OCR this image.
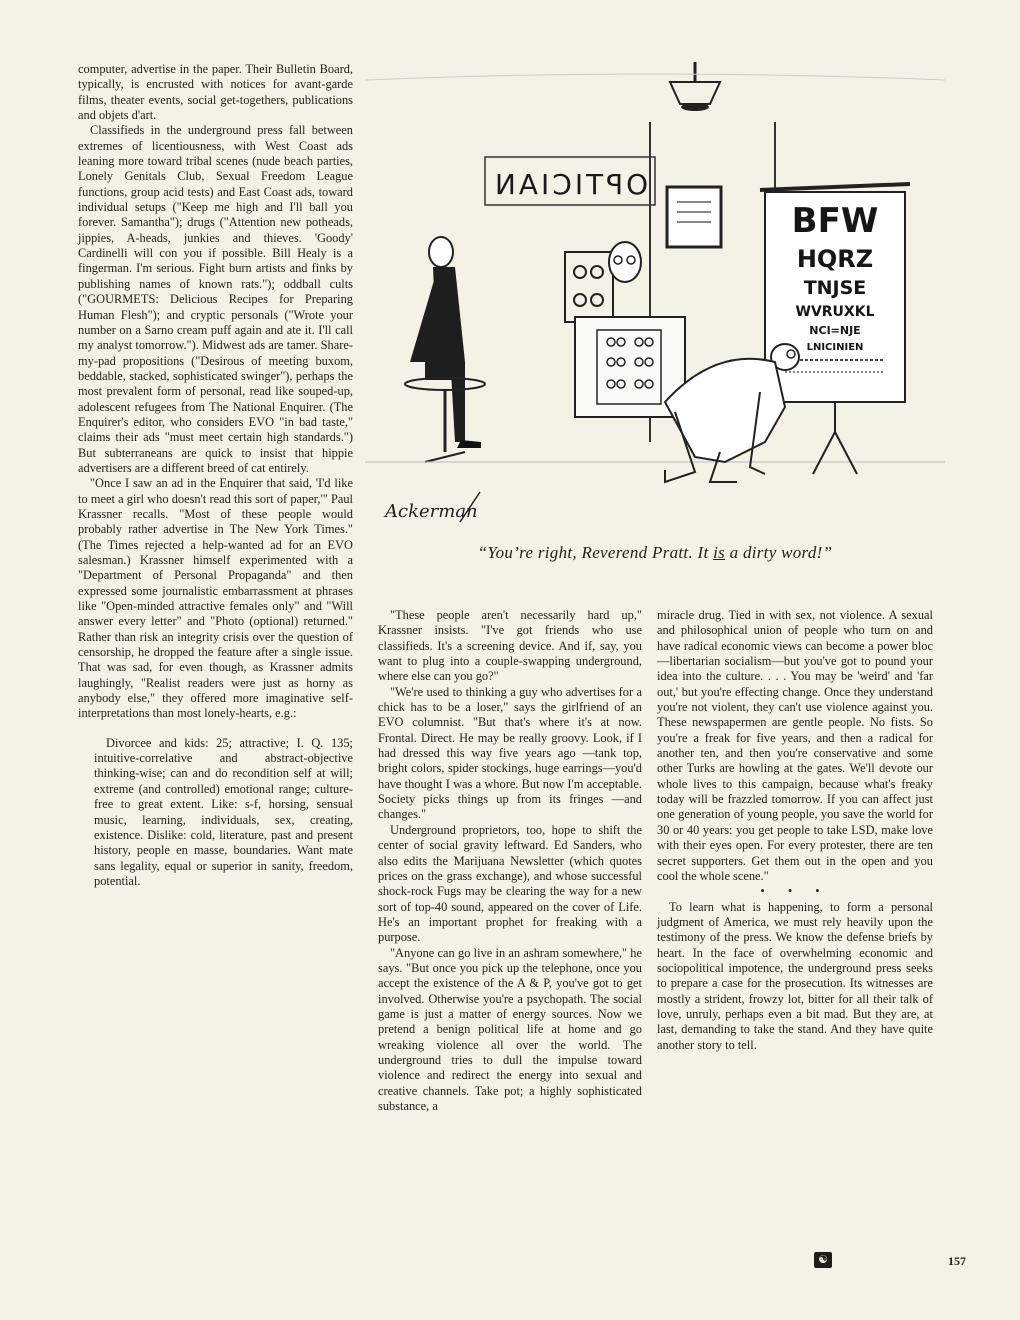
computer, advertise in the paper. Their Bulletin Board, typically, is encrusted with notices for avant-garde films, theater events, social get-togethers, publications and objets d'art.

Classifieds in the underground press fall between extremes of licentiousness, with West Coast ads leaning more toward tribal scenes (nude beach parties, Lonely Genitals Club, Sexual Freedom League functions, group acid tests) and East Coast ads, toward individual setups ("Keep me high and I'll ball you forever. Samantha"); drugs ("Attention new potheads, jippies, A-heads, junkies and thieves. 'Goody' Cardinelli will con you if possible. Bill Healy is a fingerman. I'm serious. Fight burn artists and finks by publishing names of known rats."); oddball cults ("GOURMETS: Delicious Recipes for Preparing Human Flesh"); and cryptic personals ("Wrote your number on a Sarno cream puff again and ate it. I'll call my analyst tomorrow."). Midwest ads are tamer. Share-my-pad propositions ("Desirous of meeting buxom, beddable, stacked, sophisticated swinger"), perhaps the most prevalent form of personal, read like souped-up, adolescent refugees from The National Enquirer. (The Enquirer's editor, who considers EVO "in bad taste," claims their ads "must meet certain high standards.") But subterraneans are quick to insist that hippie advertisers are a different breed of cat entirely.

"Once I saw an ad in the Enquirer that said, 'I'd like to meet a girl who doesn't read this sort of paper,'" Paul Krassner recalls. "Most of these people would probably rather advertise in The New York Times." (The Times rejected a help-wanted ad for an EVO salesman.) Krassner himself experimented with a "Department of Personal Propaganda" and then expressed some journalistic embarrassment at phrases like "Open-minded attractive females only" and "Will answer every letter" and "Photo (optional) returned." Rather than risk an integrity crisis over the question of censorship, he dropped the feature after a single issue. That was sad, for even though, as Krassner admits laughingly, "Realist readers were just as horny as anybody else," they offered more imaginative self-interpretations than most lonely-hearts, e.g.:

Divorcee and kids: 25; attractive; I. Q. 135; intuitive-correlative and abstract-objective thinking-wise; can and do recondition self at will; extreme (and controlled) emotional range; culture-free to great extent. Like: s-f, horsing, sensual music, learning, individuals, sex, creating, existence. Dislike: cold, literature, past and present history, people en masse, boundaries. Want mate sans legality, equal or superior in sanity, freedom, potential.

OPTICIAN
BFW
HQRZ
TNJSE
WVRUXKL
NCI=NJE
LNICINIEN
Ackerman
“You’re right, Reverend Pratt. It is a dirty word!”

"These people aren't necessarily hard up," Krassner insists. "I've got friends who use classifieds. It's a screening device. And if, say, you want to plug into a couple-swapping underground, where else can you go?"

"We're used to thinking a guy who advertises for a chick has to be a loser," says the girlfriend of an EVO columnist. "But that's where it's at now. Frontal. Direct. He may be really groovy. Look, if I had dressed this way five years ago —tank top, bright colors, spider stockings, huge earrings—you'd have thought I was a whore. But now I'm acceptable. Society picks things up from its fringes —and changes."

Underground proprietors, too, hope to shift the center of social gravity leftward. Ed Sanders, who also edits the Marijuana Newsletter (which quotes prices on the grass exchange), and whose successful shock-rock Fugs may be clearing the way for a new sort of top-40 sound, appeared on the cover of Life. He's an important prophet for freaking with a purpose.

"Anyone can go live in an ashram somewhere," he says. "But once you pick up the telephone, once you accept the existence of the A & P, you've got to get involved. Otherwise you're a psychopath. The social game is just a matter of energy sources. Now we pretend a benign political life at home and go wreaking violence all over the world. The underground tries to dull the impulse toward violence and redirect the energy into sexual and creative channels. Take pot; a highly sophisticated substance, a

miracle drug. Tied in with sex, not violence. A sexual and philosophical union of people who turn on and have radical economic views can become a power bloc—libertarian socialism—but you've got to pound your idea into the culture. . . . You may be 'weird' and 'far out,' but you're effecting change. Once they understand you're not violent, they can't use violence against you. These newspapermen are gentle people. No fists. So you're a freak for five years, and then a radical for another ten, and then you're conservative and some other Turks are howling at the gates. We'll devote our whole lives to this campaign, because what's freaky today will be frazzled tomorrow. If you can affect just one generation of young people, you save the world for 30 or 40 years: you get people to take LSD, make love with their eyes open. For every protester, there are ten secret supporters. Get them out in the open and you cool the whole scene."

• • •

To learn what is happening, to form a personal judgment of America, we must rely heavily upon the testimony of the press. We know the defense briefs by heart. In the face of overwhelming economic and sociopolitical impotence, the underground press seeks to prepare a case for the prosecution. Its witnesses are mostly a strident, frowzy lot, bitter for all their talk of love, unruly, perhaps even a bit mad. But they are, at last, demanding to take the stand. And they have quite another story to tell.

☯	157
